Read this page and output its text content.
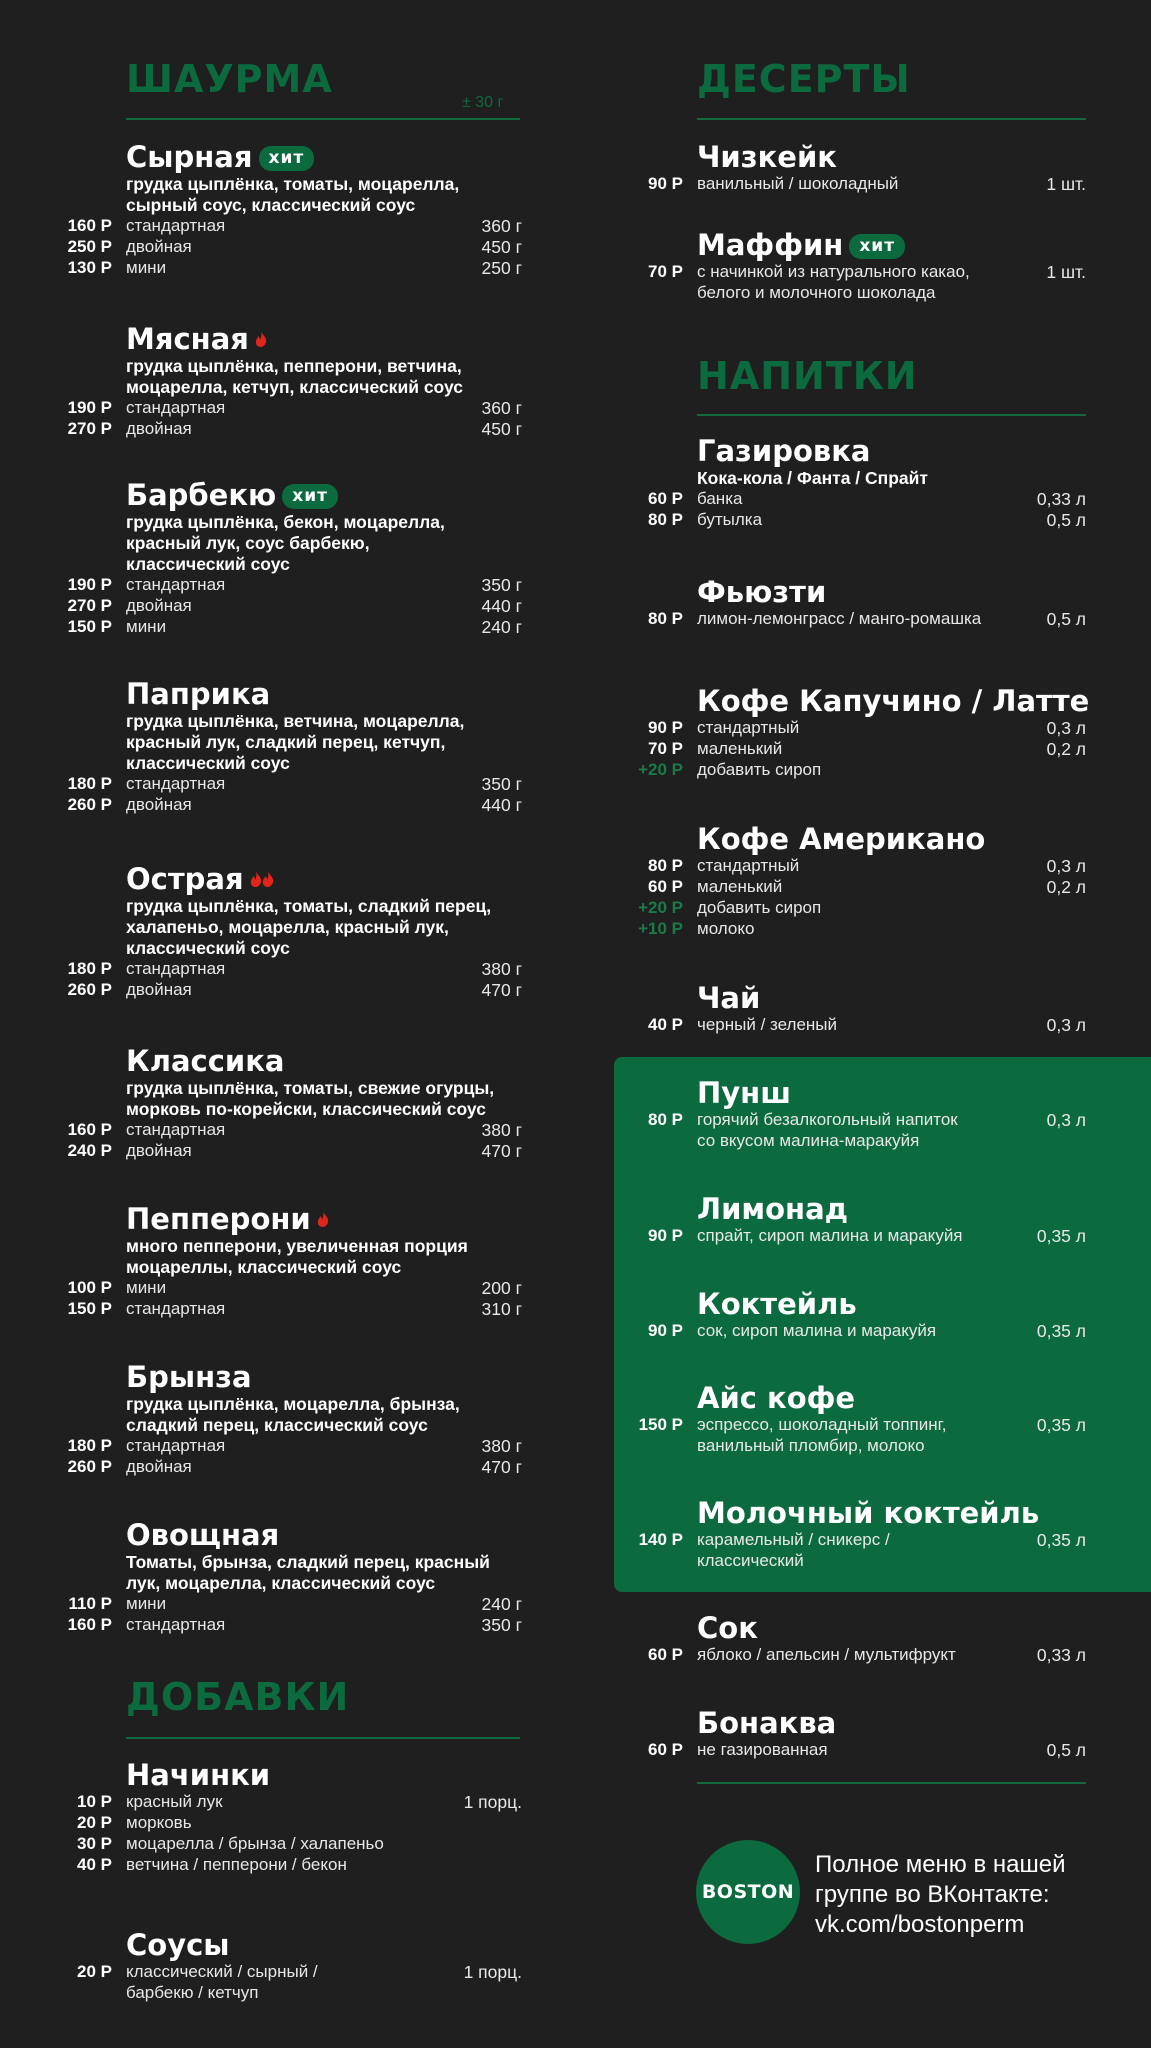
ШАУРМА
± 30 г
Сырная хит
грудка цыплёнка, томаты, моцарелла,
сырный соус, классический соус
160 Р стандартная	360 г
250 Р двойная	450 г
130 Р мини	250 г
Мясная
грудка цыплёнка, пепперони, ветчина,
моцарелла, кетчуп, классический соус
190 Р стандартная	360 г
270 Р двойная	450 г
Барбекю хит
грудка цыплёнка, бекон, моцарелла,
красный лук, соус барбекю,
классический соус
190 Р стандартная	350 г
270 Р двойная	440 г
150 Р мини	240 г
Паприка
грудка цыплёнка, ветчина, моцарелла,
красный лук, сладкий перец, кетчуп,
классический соус
180 Р стандартная	350 г
260 Р двойная	440 г
Острая
грудка цыплёнка, томаты, сладкий перец,
халапеньо, моцарелла, красный лук,
классический соус
180 Р стандартная	380 г
260 Р двойная	470 г
Классика
грудка цыплёнка, томаты, свежие огурцы,
морковь по-корейски, классический соус
160 Р стандартная	380 г
240 Р двойная	470 г
Пепперони
много пепперони, увеличенная порция
моцареллы, классический соус
100 Р мини	200 г
150 Р стандартная	310 г
Брынза
грудка цыплёнка, моцарелла, брынза,
сладкий перец, классический соус
180 Р стандартная	380 г
260 Р двойная	470 г
Овощная
Томаты, брынза, сладкий перец, красный
лук, моцарелла, классический соус
110 Р мини	240 г
160 Р стандартная	350 г
ДОБАВКИ
Начинки
10 Р красный лук	1 порц.
20 Р морковь
30 Р моцарелла / брынза / халапеньо
40 Р ветчина / пепперони / бекон
Соусы
20 Р классический / сырный /	1 порц.
барбекю / кетчуп
ДЕСЕРТЫ
Чизкейк
90 Р ванильный / шоколадный	1 шт.
Маффин хит
70 Р с начинкой из натурального какао,	1 шт.
белого и молочного шоколада
НАПИТКИ
Газировка
Кока-кола / Фанта / Спрайт
60 Р банка	0,33 л
80 Р бутылка	0,5 л
Фьюзти
80 Р лимон-лемонграсс / манго-ромашка	0,5 л
Кофе Капучино / Латте
90 Р стандартный	0,3 л
70 Р маленький	0,2 л
+20 Р добавить сироп
Кофе Американо
80 Р стандартный	0,3 л
60 Р маленький	0,2 л
+20 Р добавить сироп
+10 Р молоко
Чай
40 Р черный / зеленый	0,3 л
Пунш
80 Р горячий безалкогольный напиток	0,3 л
со вкусом малина-маракуйя
Лимонад
90 Р спрайт, сироп малина и маракуйя	0,35 л
Коктейль
90 Р сок, сироп малина и маракуйя	0,35 л
Айс кофе
150 Р эспрессо, шоколадный топпинг,	0,35 л
ванильный пломбир, молоко
Молочный коктейль
140 Р карамельный / сникерс /	0,35 л
классический
Сок
60 Р яблоко / апельсин / мультифрукт	0,33 л
Бонаква
60 Р не газированная	0,5 л
BOSTON
Полное меню в нашей
группе во ВКонтакте:
vk.com/bostonperm
